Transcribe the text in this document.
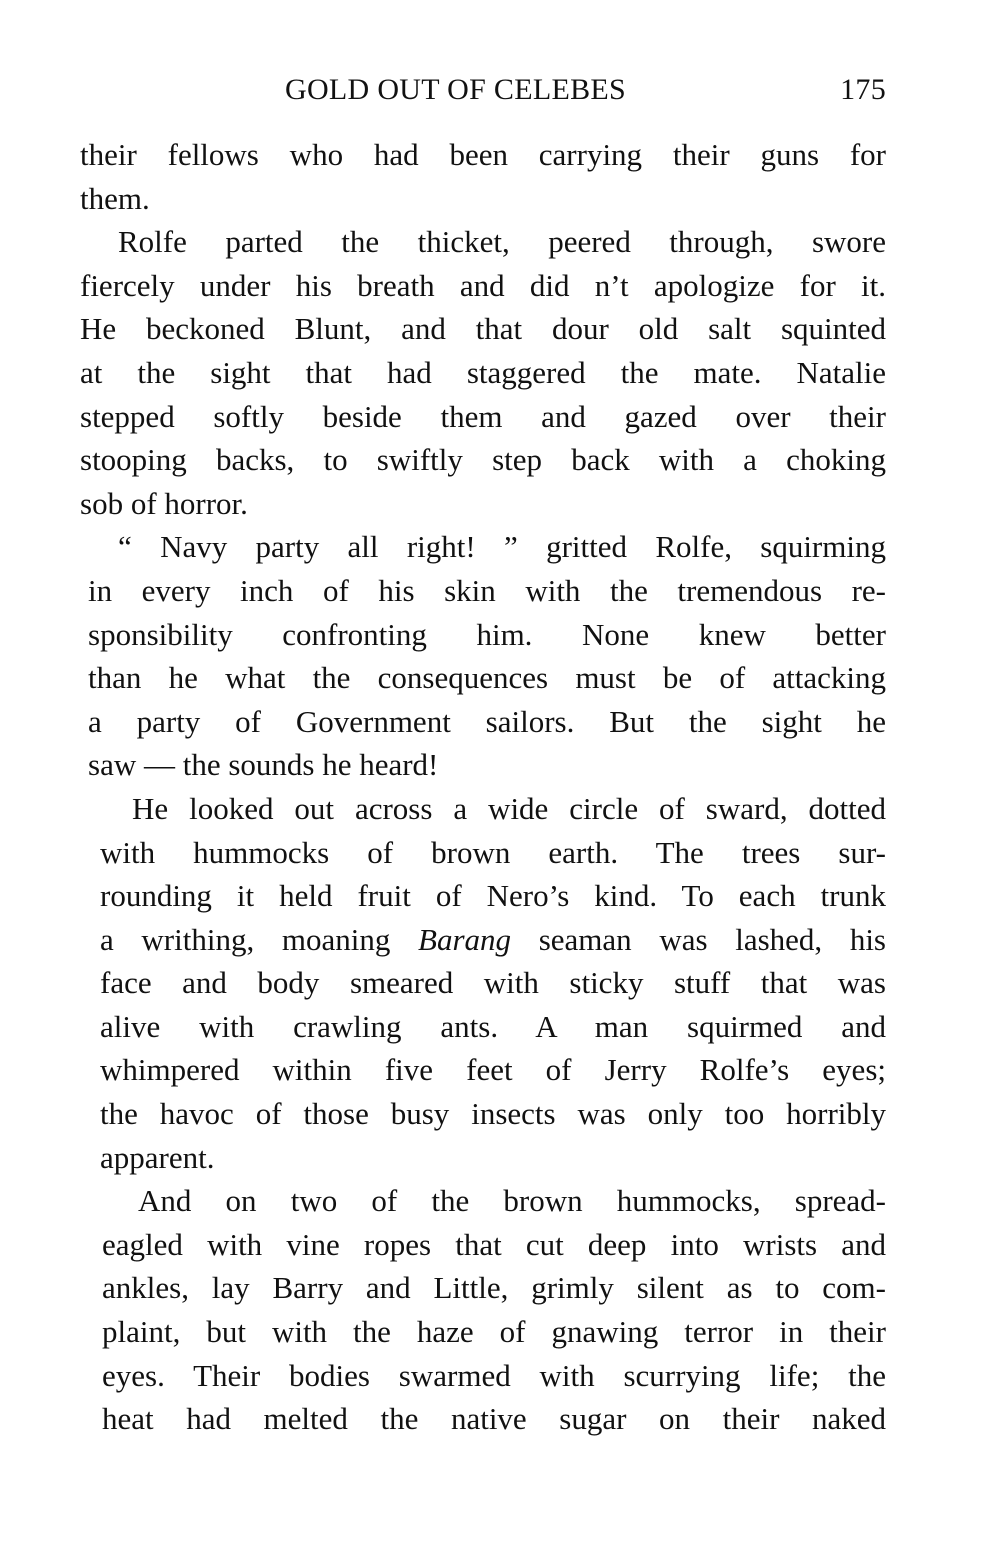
GOLD OUT OF CELEBES	175
their fellows who had been carrying their guns for
them.
Rolfe parted the thicket, peered through, swore
fiercely under his breath and did n’t apologize for it.
He beckoned Blunt, and that dour old salt squinted
at the sight that had staggered the mate. Natalie
stepped softly beside them and gazed over their
stooping backs, to swiftly step back with a choking
sob of horror.
“ Navy party all right! ” gritted Rolfe, squirming
in every inch of his skin with the tremendous re-
sponsibility confronting him. None knew better
than he what the consequences must be of attacking
a party of Government sailors. But the sight he
saw — the sounds he heard!
He looked out across a wide circle of sward, dotted
with hummocks of brown earth. The trees sur-
rounding it held fruit of Nero’s kind. To each trunk
a writhing, moaning Barang seaman was lashed, his
face and body smeared with sticky stuff that was
alive with crawling ants. A man squirmed and
whimpered within five feet of Jerry Rolfe’s eyes;
the havoc of those busy insects was only too horribly
apparent.
And on two of the brown hummocks, spread-
eagled with vine ropes that cut deep into wrists and
ankles, lay Barry and Little, grimly silent as to com-
plaint, but with the haze of gnawing terror in their
eyes. Their bodies swarmed with scurrying life; the
heat had melted the native sugar on their naked
